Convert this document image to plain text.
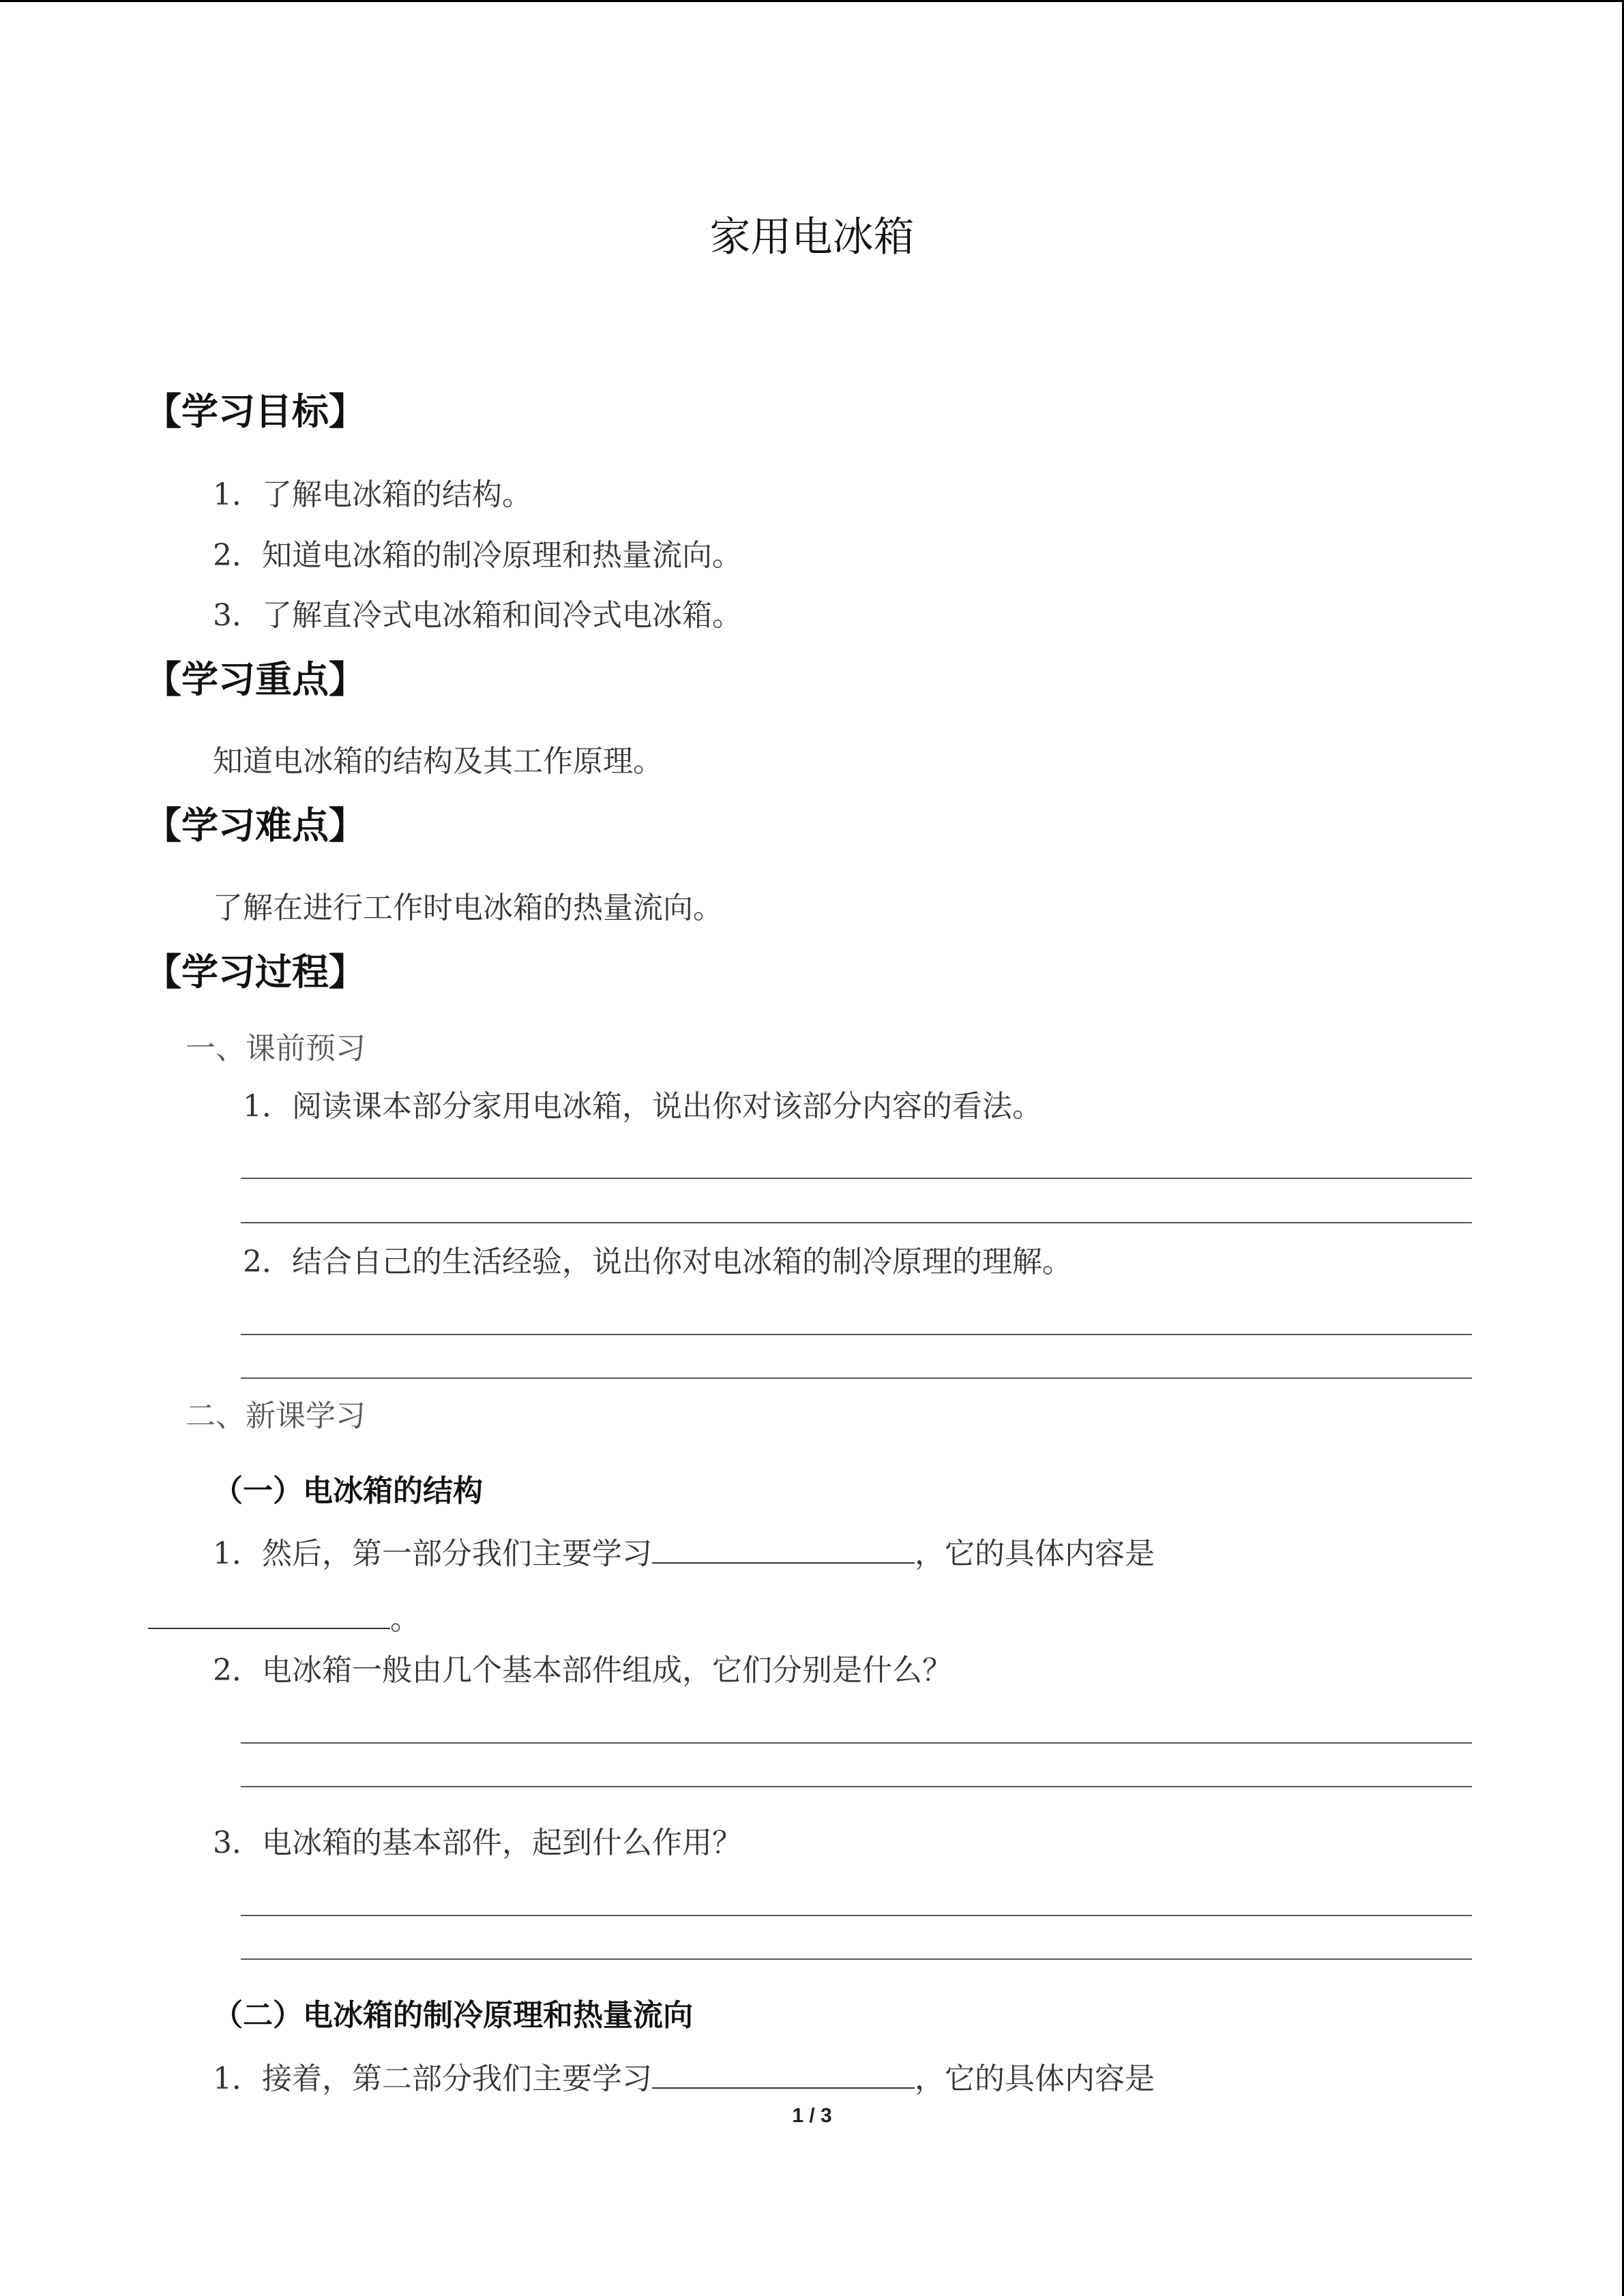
家用电冰箱
【学习目标】
1．了解电冰箱的结构。
2．知道电冰箱的制冷原理和热量流向。
3．了解直冷式电冰箱和间冷式电冰箱。
【学习重点】
知道电冰箱的结构及其工作原理。
【学习难点】
了解在进行工作时电冰箱的热量流向。
【学习过程】
一、课前预习
1．阅读课本部分家用电冰箱，说出你对该部分内容的看法。
2．结合自己的生活经验，说出你对电冰箱的制冷原理的理解。
二、新课学习
（一）电冰箱的结构
1．然后，第一部分我们主要学习	，它的具体内容是
。
2．电冰箱一般由几个基本部件组成，它们分别是什么？
3．电冰箱的基本部件，起到什么作用？
（二）电冰箱的制冷原理和热量流向
1．接着，第二部分我们主要学习	，它的具体内容是
1 / 3
